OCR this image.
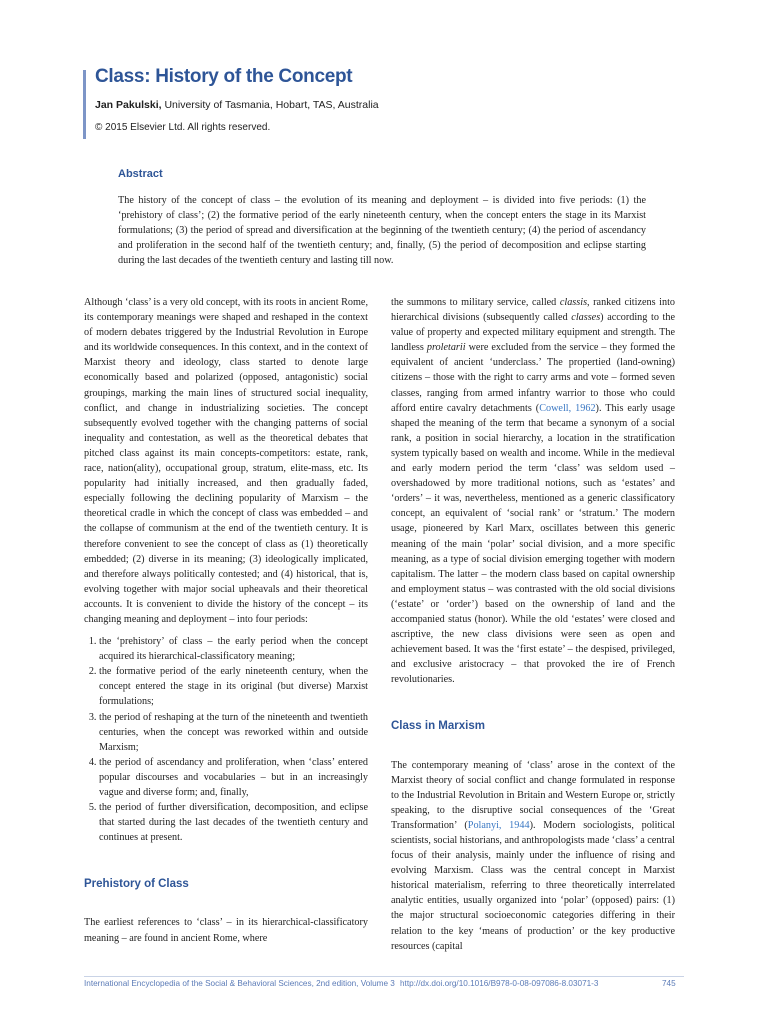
Class: History of the Concept
Jan Pakulski, University of Tasmania, Hobart, TAS, Australia
© 2015 Elsevier Ltd. All rights reserved.
Abstract
The history of the concept of class – the evolution of its meaning and deployment – is divided into five periods: (1) the ‘prehistory of class’; (2) the formative period of the early nineteenth century, when the concept enters the stage in its Marxist formulations; (3) the period of spread and diversification at the beginning of the twentieth century; (4) the period of ascendancy and proliferation in the second half of the twentieth century; and, finally, (5) the period of decomposition and eclipse starting during the last decades of the twentieth century and lasting till now.

Although ‘class’ is a very old concept, with its roots in ancient Rome, its contemporary meanings were shaped and reshaped in the context of modern debates triggered by the Industrial Revolution in Europe and its worldwide consequences. In this context, and in the context of Marxist theory and ideology, class started to denote large economically based and polarized (opposed, antagonistic) social groupings, marking the main lines of structured social inequality, conflict, and change in industrializing societies. The concept subsequently evolved together with the changing patterns of social inequality and contestation, as well as the theoretical debates that pitched class against its main concepts-competitors: estate, rank, race, nation(ality), occupational group, stratum, elite-mass, etc. Its popularity had initially increased, and then gradually faded, especially following the declining popularity of Marxism – the theoretical cradle in which the concept of class was embedded – and the collapse of communism at the end of the twentieth century. It is therefore convenient to see the concept of class as (1) theoretically embedded; (2) diverse in its meaning; (3) ideologically implicated, and therefore always politically contested; and (4) historical, that is, evolving together with major social upheavals and their theoretical accounts. It is convenient to divide the history of the concept – its changing meaning and deployment – into four periods:

1. the ‘prehistory’ of class – the early period when the concept acquired its hierarchical-classificatory meaning;
2. the formative period of the early nineteenth century, when the concept entered the stage in its original (but diverse) Marxist formulations;
3. the period of reshaping at the turn of the nineteenth and twentieth centuries, when the concept was reworked within and outside Marxism;
4. the period of ascendancy and proliferation, when ‘class’ entered popular discourses and vocabularies – but in an increasingly vague and diverse form; and, finally,
5. the period of further diversification, decomposition, and eclipse that started during the last decades of the twentieth century and continues at present.
Prehistory of Class

The earliest references to ‘class’ – in its hierarchical-classificatory meaning – are found in ancient Rome, where

the summons to military service, called classis, ranked citizens into hierarchical divisions (subsequently called classes) according to the value of property and expected military equipment and strength. The landless proletarii were excluded from the service – they formed the equivalent of ancient ‘underclass.’ The propertied (land-owning) citizens – those with the right to carry arms and vote – formed seven classes, ranging from armed infantry warrior to those who could afford entire cavalry detachments (Cowell, 1962). This early usage shaped the meaning of the term that became a synonym of a social rank, a position in social hierarchy, a location in the stratification system typically based on wealth and income. While in the medieval and early modern period the term ‘class’ was seldom used – overshadowed by more traditional notions, such as ‘estates’ and ‘orders’ – it was, nevertheless, mentioned as a generic classificatory concept, an equivalent of ‘social rank’ or ‘stratum.’ The modern usage, pioneered by Karl Marx, oscillates between this generic meaning of the main ‘polar’ social division, and a more specific meaning, as a type of social division emerging together with modern capitalism. The latter – the modern class based on capital ownership and employment status – was contrasted with the old social divisions (‘estate’ or ‘order’) based on the ownership of land and the accompanied status (honor). While the old ‘estates’ were closed and ascriptive, the new class divisions were seen as open and achievement based. It was the ‘first estate’ – the despised, privileged, and exclusive aristocracy – that provoked the ire of French revolutionaries.

Class in Marxism

The contemporary meaning of ‘class’ arose in the context of the Marxist theory of social conflict and change formulated in response to the Industrial Revolution in Britain and Western Europe or, strictly speaking, to the disruptive social consequences of the ‘Great Transformation’ (Polanyi, 1944). Modern sociologists, political scientists, social historians, and anthropologists made ‘class’ a central focus of their analysis, mainly under the influence of rising and evolving Marxism. Class was the central concept in Marxist historical materialism, referring to three theoretically interrelated analytic entities, usually organized into ‘polar’ (opposed) pairs: (1) the major structural socioeconomic categories differing in their relation to the key ‘means of production’ or the key productive resources (capital

International Encyclopedia of the Social & Behavioral Sciences, 2nd edition, Volume 3 http://dx.doi.org/10.1016/B978-0-08-097086-8.03071-3	745
